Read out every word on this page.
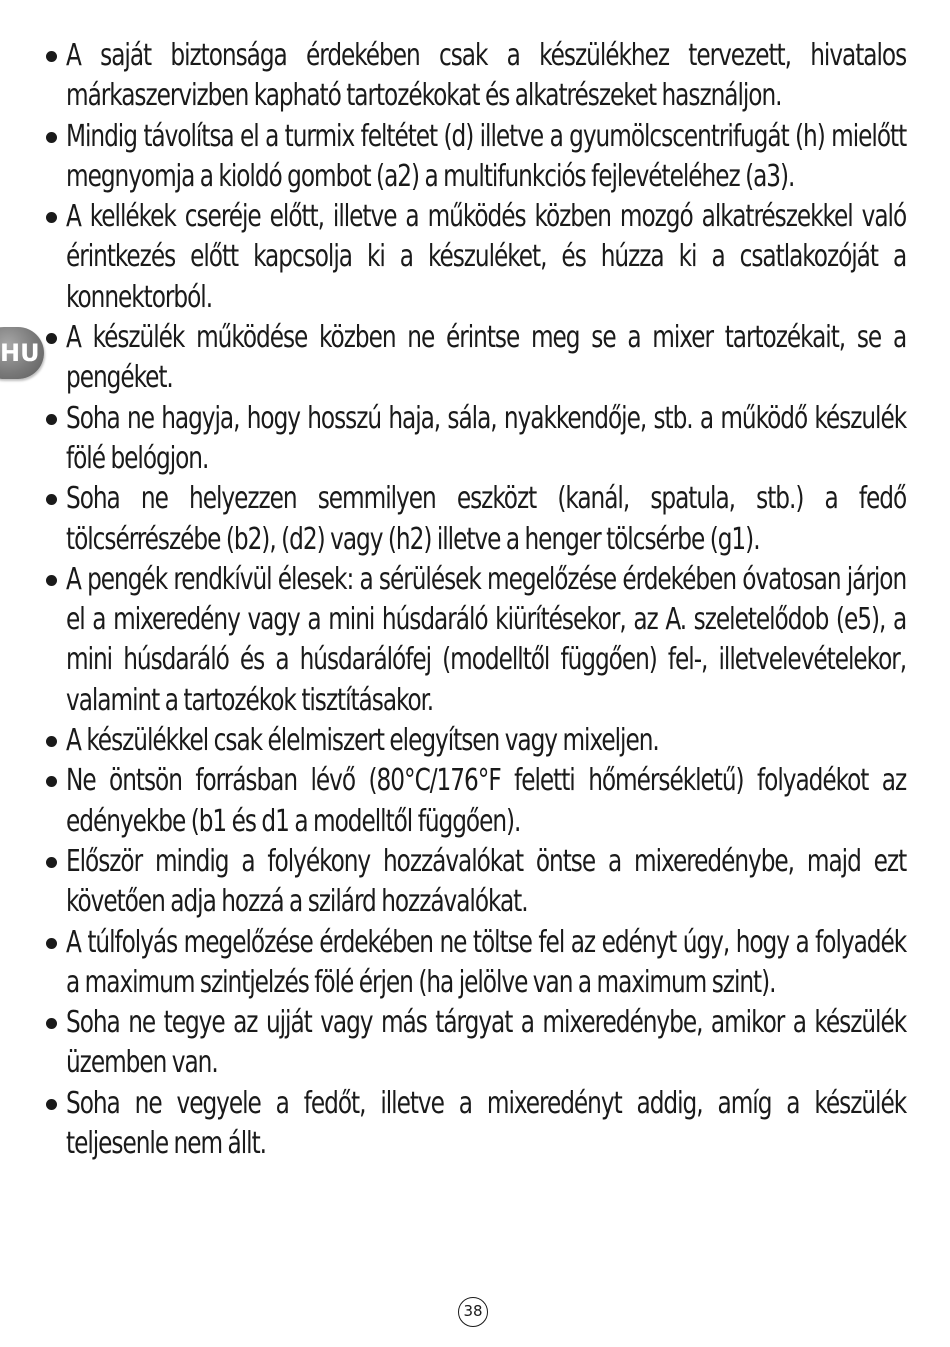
HU
A saját biztonsága érdekében csak a készülékhez tervezett, hivatalos márkaszervizben kapható tartozékokat és alkatrészeket használjon.
Mindig távolítsa el a turmix feltétet (d) illetve a gyumölcscentrifugát (h) mielőtt megnyomja a kioldó gombot (a2) a multifunkciós fejlevételéhez (a3).
A kellékek cseréje előtt, illetve a működés közben mozgó alkatrészekkel való érintkezés előtt kapcsolja ki a készuléket, és húzza ki a csatlakozóját a konnektorból.
A készülék működése közben ne érintse meg se a mixer tartozékait, se a pengéket.
Soha ne hagyja, hogy hosszú haja, sála, nyakkendője, stb. a működő készulék fölé belógjon.
Soha ne helyezzen semmilyen eszközt (kanál, spatula, stb.) a fedő tölcsérrészébe (b2), (d2) vagy (h2) illetve a henger tölcsérbe (g1).
A pengék rendkívül élesek: a sérülések megelőzése érdekében óvatosan járjon el a mixeredény vagy a mini húsdaráló kiürítésekor, az A. szeletelődob (e5), a mini húsdaráló és a húsdarálófej (modelltől függően) fel-, illetvelevételekor, valamint a tartozékok tisztításakor.
A készülékkel csak élelmiszert elegyítsen vagy mixeljen.
Ne öntsön forrásban lévő (80°C/176°F feletti hőmérsékletű) folyadékot az edényekbe (b1 és d1 a modelltől függően).
Először mindig a folyékony hozzávalókat öntse a mixeredénybe, majd ezt követően adja hozzá a szilárd hozzávalókat.
A túlfolyás megelőzése érdekében ne töltse fel az edényt úgy, hogy a folyadék a maximum szintjelzés fölé érjen (ha jelölve van a maximum szint).
Soha ne tegye az ujját vagy más tárgyat a mixeredénybe, amikor a készülék üzemben van.
Soha ne vegyele a fedőt, illetve a mixeredényt addig, amíg a készülék teljesenle nem állt.
38
